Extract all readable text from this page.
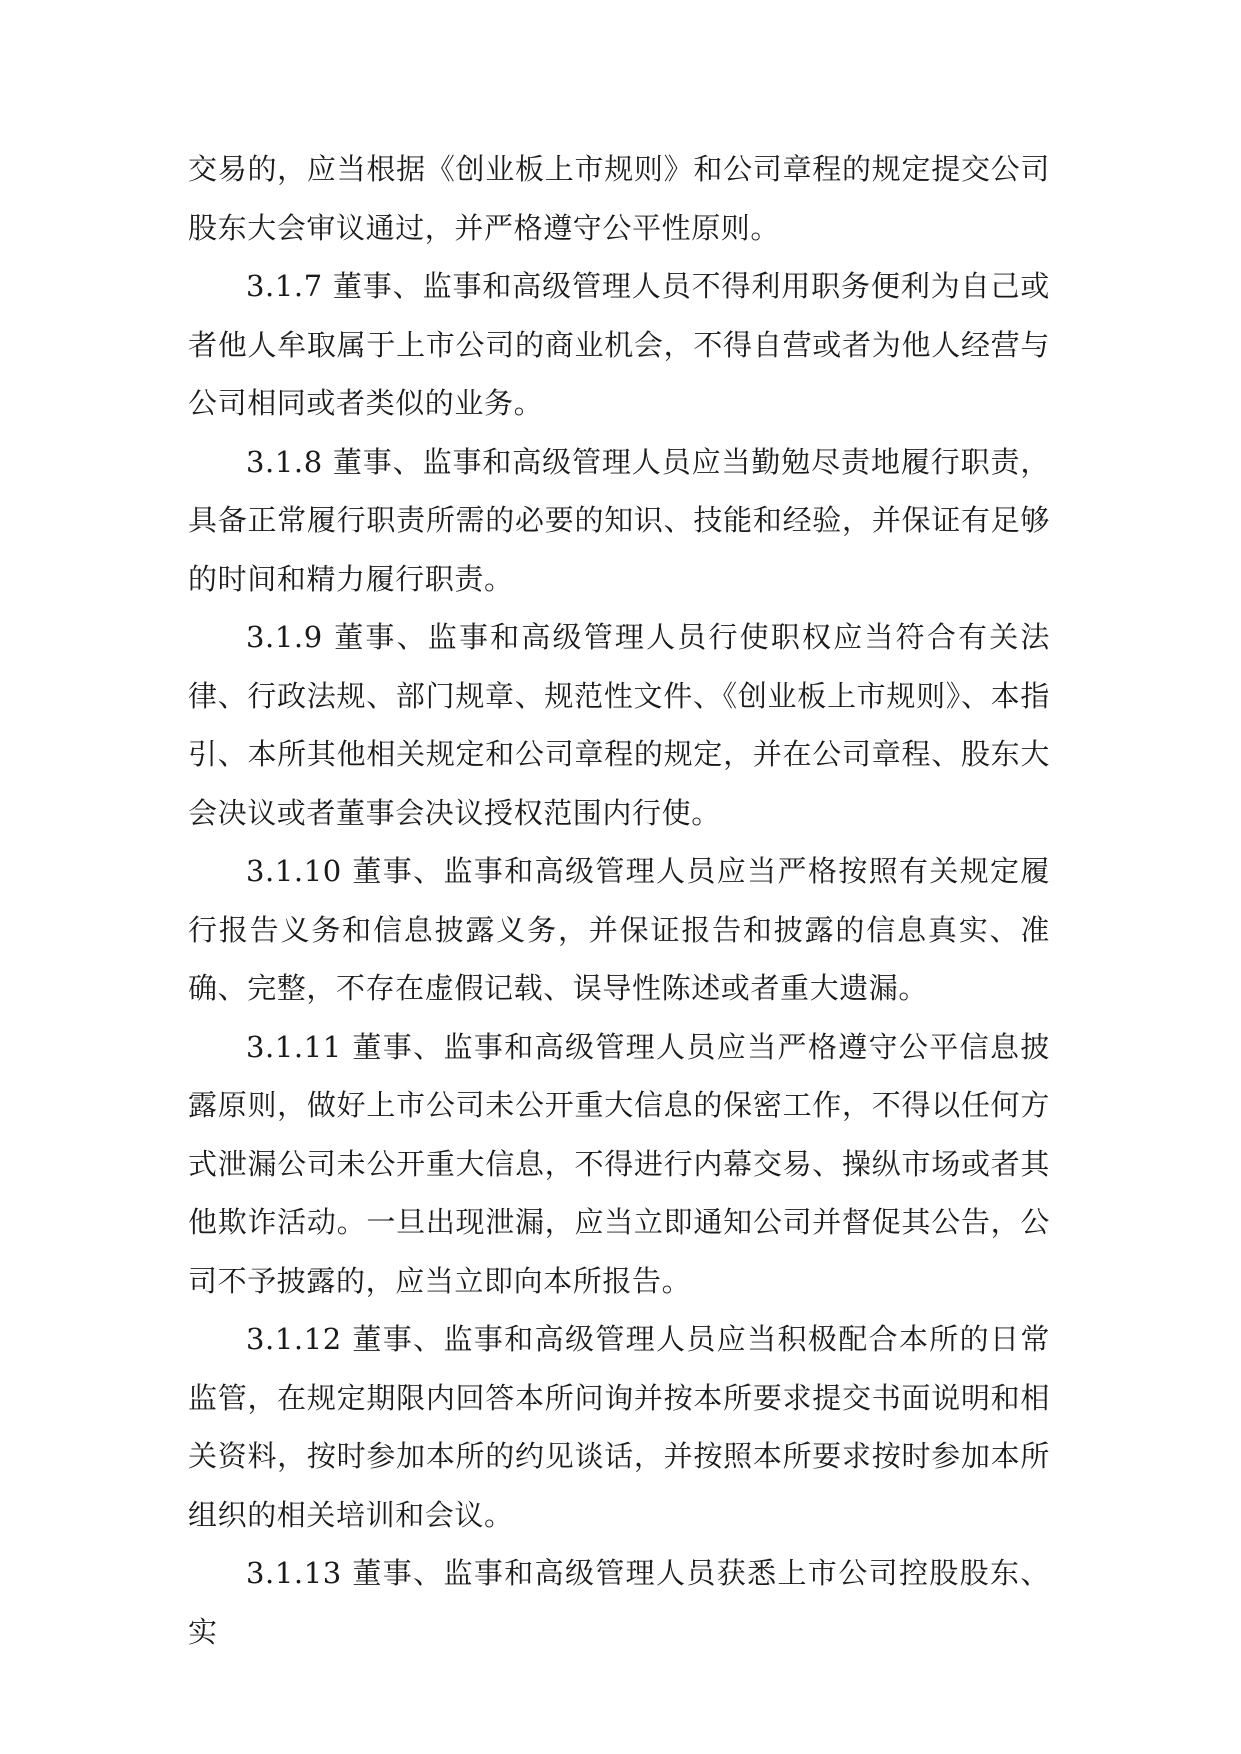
交易的，应当根据《创业板上市规则》和公司章程的规定提交公司股东大会审议通过，并严格遵守公平性原则。

3.1.7 董事、监事和高级管理人员不得利用职务便利为自己或者他人牟取属于上市公司的商业机会，不得自营或者为他人经营与公司相同或者类似的业务。

3.1.8 董事、监事和高级管理人员应当勤勉尽责地履行职责，具备正常履行职责所需的必要的知识、技能和经验，并保证有足够的时间和精力履行职责。

3.1.9 董事、监事和高级管理人员行使职权应当符合有关法律、行政法规、部门规章、规范性文件、《创业板上市规则》、本指引、本所其他相关规定和公司章程的规定，并在公司章程、股东大会决议或者董事会决议授权范围内行使。

3.1.10 董事、监事和高级管理人员应当严格按照有关规定履行报告义务和信息披露义务，并保证报告和披露的信息真实、准确、完整，不存在虚假记载、误导性陈述或者重大遗漏。

3.1.11 董事、监事和高级管理人员应当严格遵守公平信息披露原则，做好上市公司未公开重大信息的保密工作，不得以任何方式泄漏公司未公开重大信息，不得进行内幕交易、操纵市场或者其他欺诈活动。一旦出现泄漏，应当立即通知公司并督促其公告，公司不予披露的，应当立即向本所报告。

3.1.12 董事、监事和高级管理人员应当积极配合本所的日常监管，在规定期限内回答本所问询并按本所要求提交书面说明和相关资料，按时参加本所的约见谈话，并按照本所要求按时参加本所组织的相关培训和会议。

3.1.13 董事、监事和高级管理人员获悉上市公司控股股东、实
